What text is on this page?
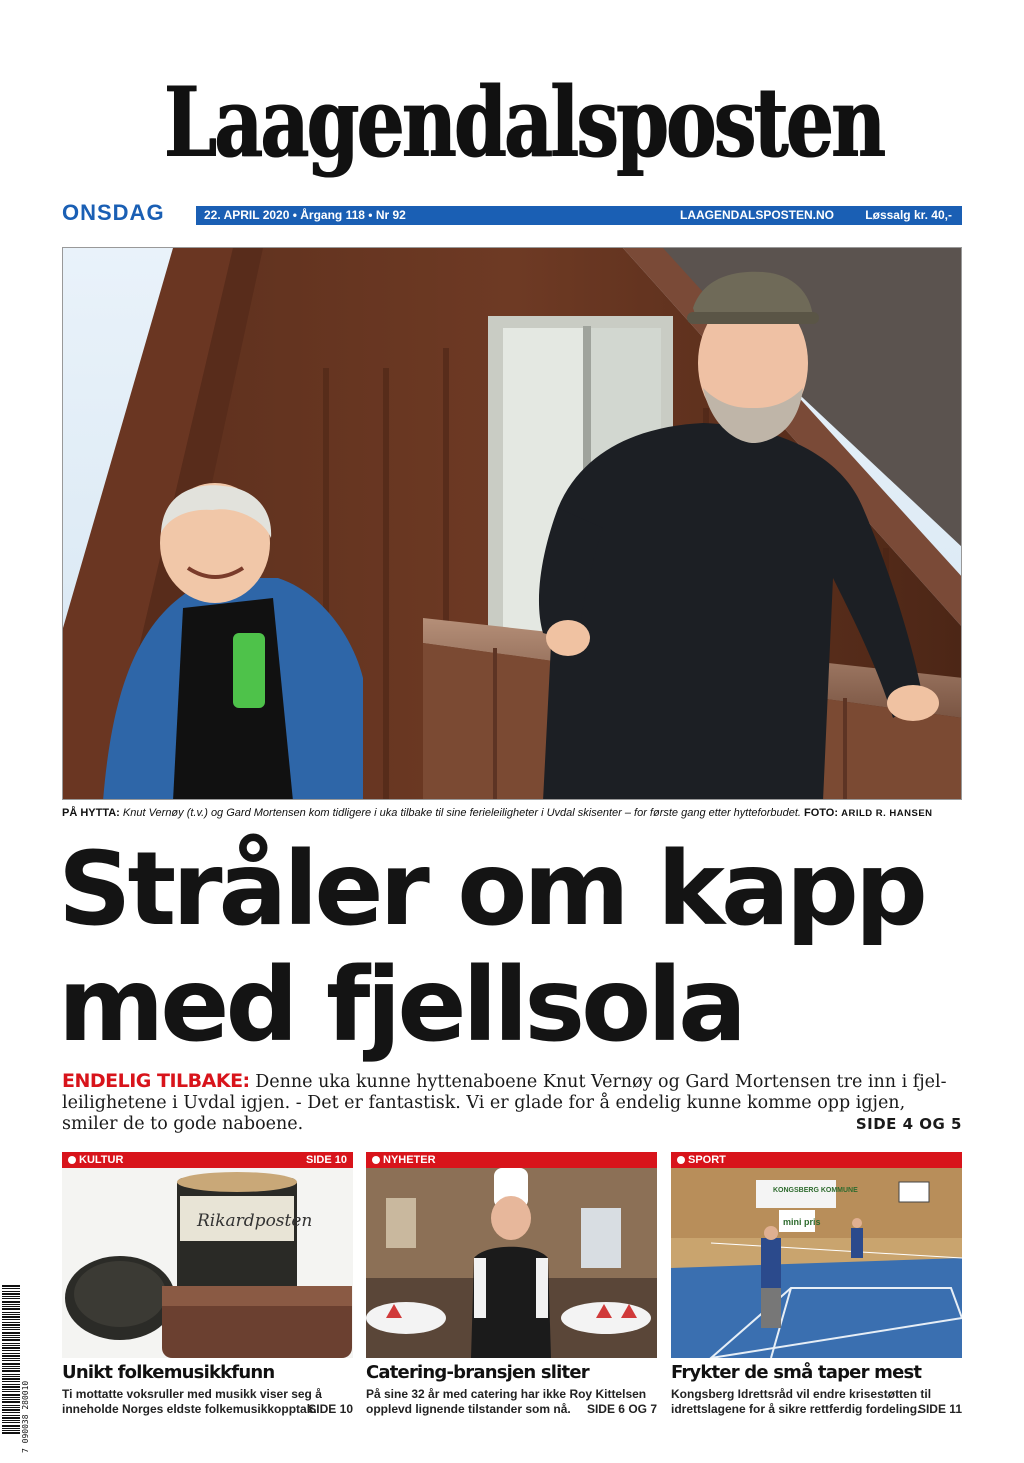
Laagendalsposten
ONSDAG	22. APRIL 2020 • Årgang 118 • Nr 92	LAAGENDALSPOSTEN.NO	Løssalg kr. 40,-
PÅ HYTTA: Knut Vernøy (t.v.) og Gard Mortensen kom tidligere i uka tilbake til sine ferieleiligheter i Uvdal skisenter – for første gang etter hytteforbudet. FOTO: ARILD R. HANSEN
Stråler om kapp
med fjellsola
ENDELIG TILBAKE: Denne uka kunne hyttenaboene Knut Vernøy og Gard Mortensen tre inn i fjelleilighetene i Uvdal igjen. - Det er fantastisk. Vi er glade for å endelig kunne komme opp igjen, smiler de to gode naboene.	SIDE 4 OG 5
KULTUR	SIDE 10
Rikardposten
Unikt folkemusikkfunn
Ti mottatte voksruller med musikk viser seg å inneholde Norges eldste folkemusikkopptak.
SIDE 10
NYHETER
Catering-bransjen sliter
På sine 32 år med catering har ikke Roy Kittelsen opplevd lignende tilstander som nå. SIDE 6 OG 7
SPORT
KONGSBERG KOMMUNE
mini pris
Frykter de små taper mest
Kongsberg Idrettsråd vil endre krisestøtten til idrettslagene for å sikre rettferdig fordeling.
SIDE 11
7 090038 280010
